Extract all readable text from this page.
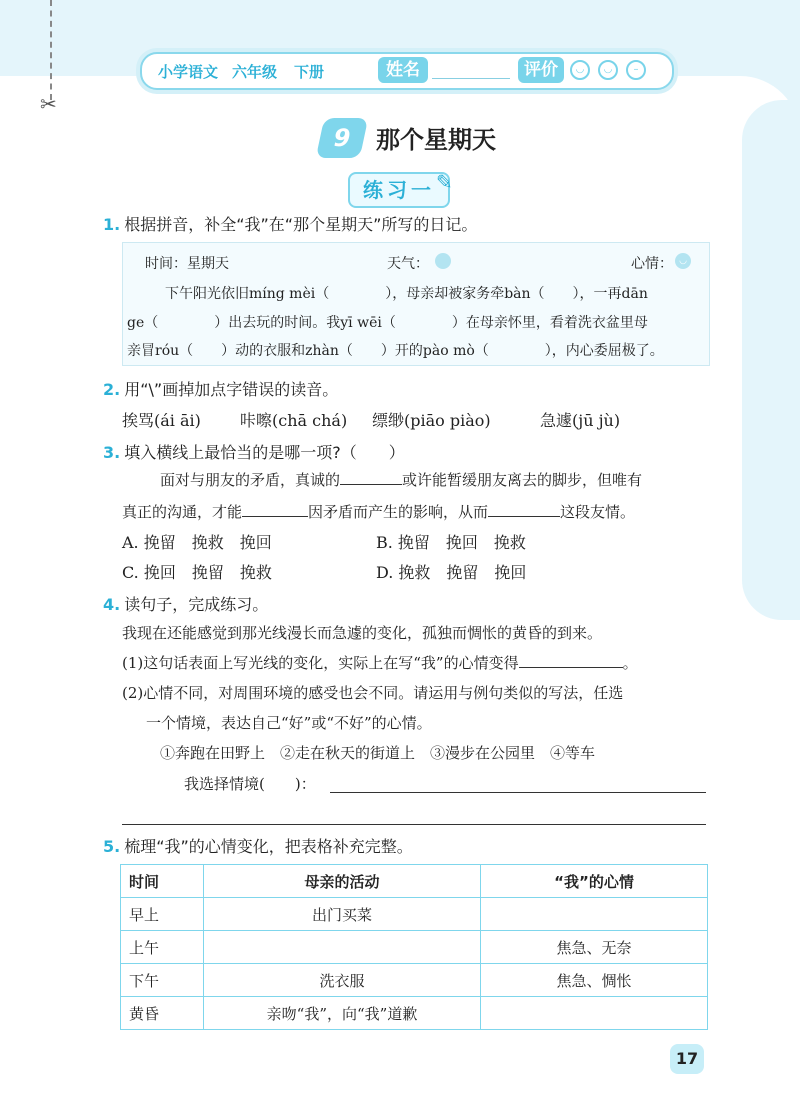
✂
小学语文 六年级 下册	姓名	评价	◡	◡	–
9 那个星期天
练习一 ✎
1. 根据拼音，补全“我”在“那个星期天”所写的日记。
时间：星期天	天气：	心情： ◡
下午阳光依旧míng mèi（　　　　），母亲却被家务牵bàn（　　），一再dān
ge（　　　　）出去玩的时间。我yī wēi（　　　　）在母亲怀里，看着洗衣盆里母
亲冒róu（　　）动的衣服和zhàn（　　）开的pào mò（　　　　），内心委屈极了。
2. 用“\”画掉加点字错误的读音。
挨骂(ái āi) 咔嚓(chā chá) 缥缈(piāo piào)	急遽(jū jù)
3. 填入横线上最恰当的是哪一项?（　　）
面对与朋友的矛盾，真诚的	或许能暂缓朋友离去的脚步，但唯有
真正的沟通，才能	因矛盾而产生的影响，从而	这段友情。
A. 挽留　挽救　挽回	B. 挽留　挽回　挽救
C. 挽回　挽留　挽救	D. 挽救　挽留　挽回
4. 读句子，完成练习。
我现在还能感觉到那光线漫长而急遽的变化，孤独而惆怅的黄昏的到来。
(1)这句话表面上写光线的变化，实际上在写“我”的心情变得	。
(2)心情不同，对周围环境的感受也会不同。请运用与例句类似的写法，任选
一个情境，表达自己“好”或“不好”的心情。
①奔跑在田野上　②走在秋天的街道上　③漫步在公园里　④等车
我选择情境(　　)：
5. 梳理“我”的心情变化，把表格补充完整。
时间	母亲的活动	“我”的心情
早上	出门买菜	
上午		焦急、无奈
下午	洗衣服	焦急、惆怅
黄昏	亲吻“我”，向“我”道歉	
17
